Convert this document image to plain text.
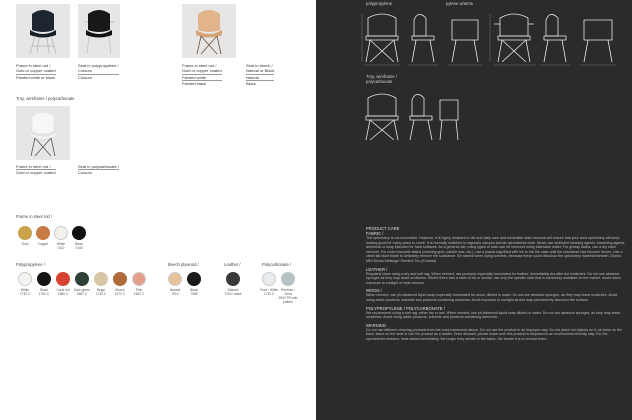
Frame in steel rod /
Gold or copper coated
Painted white or black
Seat in polypropylene /
Colours
Colours
Frame in steel rod /
Gold or copper coated
Painted white
Painted black
Seat in beech /
Natural or Black
Natural
Black
Troy, wireframe / polycarbonate
Frame in steel rod /
Gold or copper coated
Seat in polycarbonate /
Colours
Frame in steel rod /
Gold	Copper	White
0110
Black
0140
Polypropylene /
White
1730 C
Black
1760 C
Coral red
1680 C
Dark green
1667 C
Beige
1730 C
Brown
1470 C
Pink
1600 C
Beech plywood /
Natural
7510
Black
7086
Leather /
Stained
7100 / black
Polycarbonate /
Frost / White
1730 C
Reverse / Clear
2540 TR with pattern
polypropylene	pylene w/arms
Troy, wireframe /
polycarbonate
PRODUCT CARE
FABRIC /

The upholstery is not removable. However, it is highly resistant to dirt and daily care and immediate stain removal will ensure that your wool upholstery will keep looking good for many years to come. It is normally sufficient to regularly vacuum and air upholstered chair. Never use undiluted cleaning agents, bleaching agents, ammonia or soap intended for hard surfaces. As a general rule, many types of stain can be removed using lukewarm water. For greasy stains, use a dry stain remover. For more insoluble stains (chewing gum, candle wax, etc.), use a plastic bag filled with ice to rub the stain until the substance has become frozen. Use a clean flat blunt blade to delicately remove the substance. Be careful when using solvents, because these could discolour the upholstery material beneath. Dionia MDI Divina Melange/ Steelcut Trio (Kvadrat)

LEATHER /

Regularly clean using a dry and soft rag. When needed, use products especially formulated for leather, immediately dry after the treatment. Do not use abrasive sponges as they may leave scratches. Where there was a stain of ink or similar, use only the specific stick that is commonly available on the market. Avoid direct exposure to sunlight or heat sources.

WOOD /

When needed, use ph-balanced liquid soap especially formulated for wood, diluted in water. Do not use abrasive sponges, as they may leave scratches. Avoid using acidic products, solvents and products containing ammonia. Avoid exposure to sunlight as this may permanently discolour the surface.

POLYPROPYLENE / POLYCARBONATE /

We recommend using a soft rag, either dry or wet. When needed, use ph-balanced liquid soap diluted in water. Do not use abrasive sponges, as they may leave scratches. Avoid using acidic products, solvents and products containing ammonia.

WARNING

Do not use different cleaning products from the ones mentioned above. Do not use the product in an improper way. Do not place hot objects on it, sit down on the back, stand on the seat or use the product as a ladder. Once disused, please make sure this product is disposed in an environment-friendly way. For the upholstered versions: heat stains immediately, the longer they remain in the fabric, the harder it is to remove them.
